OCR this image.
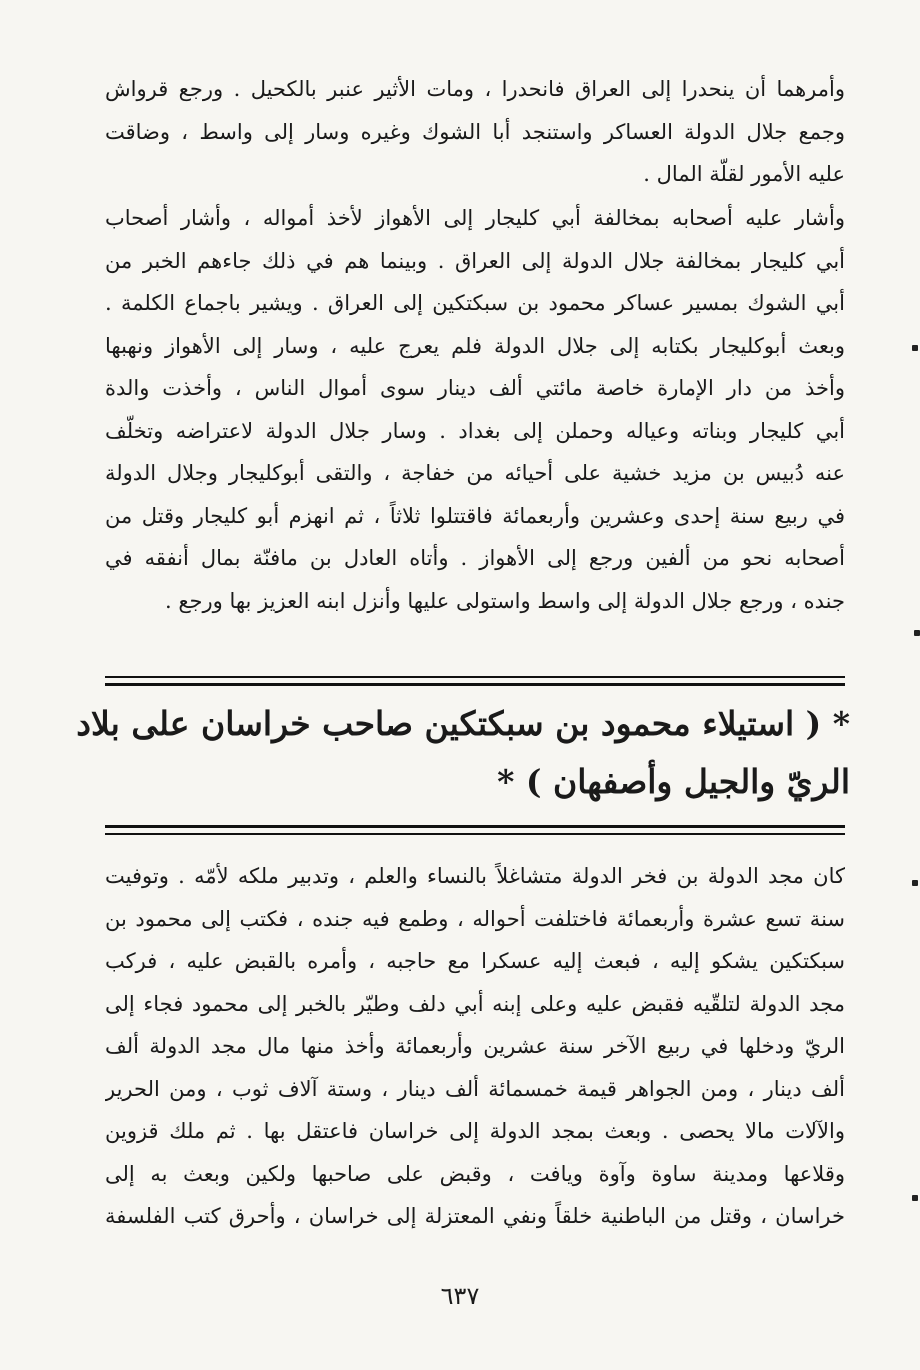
وأمرهما أن ينحدرا إلى العراق فانحدرا ، ومات الأثير عنبر بالكحيل . ورجع قرواش
وجمع جلال الدولة العساكر واستنجد أبا الشوك وغيره وسار إلى واسط ، وضاقت
عليه الأمور لقلّة المال .
وأشار عليه أصحابه بمخالفة أبي كليجار إلى الأهواز لأخذ أمواله ، وأشار أصحاب
أبي كليجار بمخالفة جلال الدولة إلى العراق . وبينما هم في ذلك جاءهم الخبر من
أبي الشوك بمسير عساكر محمود بن سبكتكين إلى العراق . ويشير باجماع الكلمة .
وبعث أبوكليجار بكتابه إلى جلال الدولة فلم يعرج عليه ، وسار إلى الأهواز ونهبها
وأخذ من دار الإمارة خاصة مائتي ألف دينار سوى أموال الناس ، وأخذت والدة
أبي كليجار وبناته وعياله وحملن إلى بغداد . وسار جلال الدولة لاعتراضه وتخلّف
عنه دُبيس بن مزيد خشية على أحيائه من خفاجة ، والتقى أبوكليجار وجلال الدولة
في ربيع سنة إحدى وعشرين وأربعمائة فاقتتلوا ثلاثاً ، ثم انهزم أبو كليجار وقتل من
أصحابه نحو من ألفين ورجع إلى الأهواز . وأتاه العادل بن مافنّة بمال أنفقه في
جنده ، ورجع جلال الدولة إلى واسط واستولى عليها وأنزل ابنه العزيز بها ورجع .
* ( استيلاء محمود بن سبكتكين صاحب خراسان على بلاد
الريّ والجيل وأصفهان ) *
كان مجد الدولة بن فخر الدولة متشاغلاً بالنساء والعلم ، وتدبير ملكه لأمّه . وتوفيت
سنة تسع عشرة وأربعمائة فاختلفت أحواله ، وطمع فيه جنده ، فكتب إلى محمود بن
سبكتكين يشكو إليه ، فبعث إليه عسكرا مع حاجبه ، وأمره بالقبض عليه ، فركب
مجد الدولة لتلقّيه فقبض عليه وعلى إبنه أبي دلف وطيّر بالخبر إلى محمود فجاء إلى
الريّ ودخلها في ربيع الآخر سنة عشرين وأربعمائة وأخذ منها مال مجد الدولة ألف
ألف دينار ، ومن الجواهر قيمة خمسمائة ألف دينار ، وستة آلاف ثوب ، ومن الحرير
والآلات مالا يحصى . وبعث بمجد الدولة إلى خراسان فاعتقل بها . ثم ملك قزوين
وقلاعها ومدينة ساوة وآوة ويافت ، وقبض على صاحبها ولكين وبعث به إلى
خراسان ، وقتل من الباطنية خلقاً ونفي المعتزلة إلى خراسان ، وأحرق كتب الفلسفة
٦٣٧
